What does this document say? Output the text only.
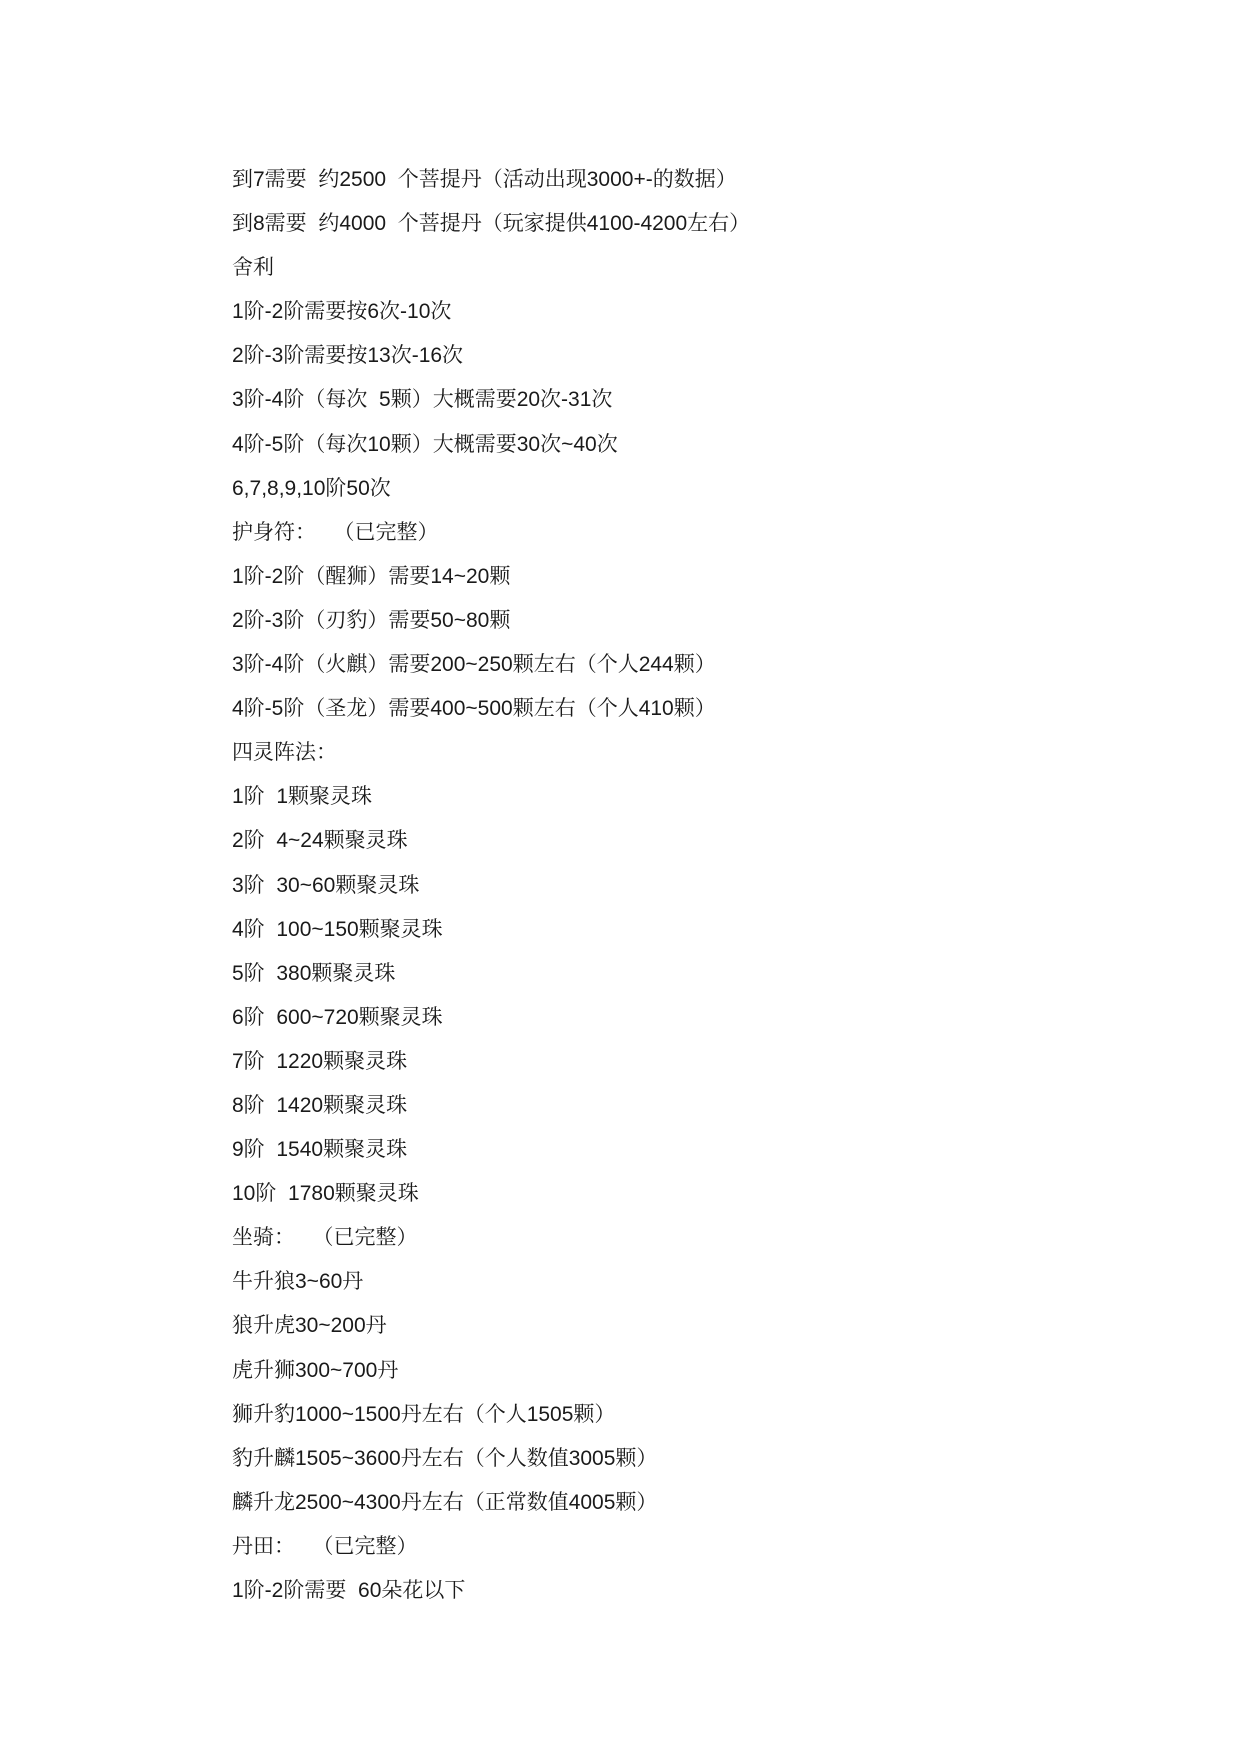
到7需要  约2500  个菩提丹（活动出现3000+-的数据）
到8需要  约4000  个菩提丹（玩家提供4100-4200左右）
舍利
1阶-2阶需要按6次-10次
2阶-3阶需要按13次-16次
3阶-4阶（每次  5颗）大概需要20次-31次
4阶-5阶（每次10颗）大概需要30次~40次
6,7,8,9,10阶50次
护身符：   （已完整）
1阶-2阶（醒狮）需要14~20颗
2阶-3阶（刃豹）需要50~80颗
3阶-4阶（火麒）需要200~250颗左右（个人244颗）
4阶-5阶（圣龙）需要400~500颗左右（个人410颗）
四灵阵法：
1阶  1颗聚灵珠
2阶  4~24颗聚灵珠
3阶  30~60颗聚灵珠
4阶  100~150颗聚灵珠
5阶  380颗聚灵珠
6阶  600~720颗聚灵珠
7阶  1220颗聚灵珠
8阶  1420颗聚灵珠
9阶  1540颗聚灵珠
10阶  1780颗聚灵珠
坐骑：   （已完整）
牛升狼3~60丹
狼升虎30~200丹
虎升狮300~700丹
狮升豹1000~1500丹左右（个人1505颗）
豹升麟1505~3600丹左右（个人数值3005颗）
麟升龙2500~4300丹左右（正常数值4005颗）
丹田：   （已完整）
1阶-2阶需要  60朵花以下
